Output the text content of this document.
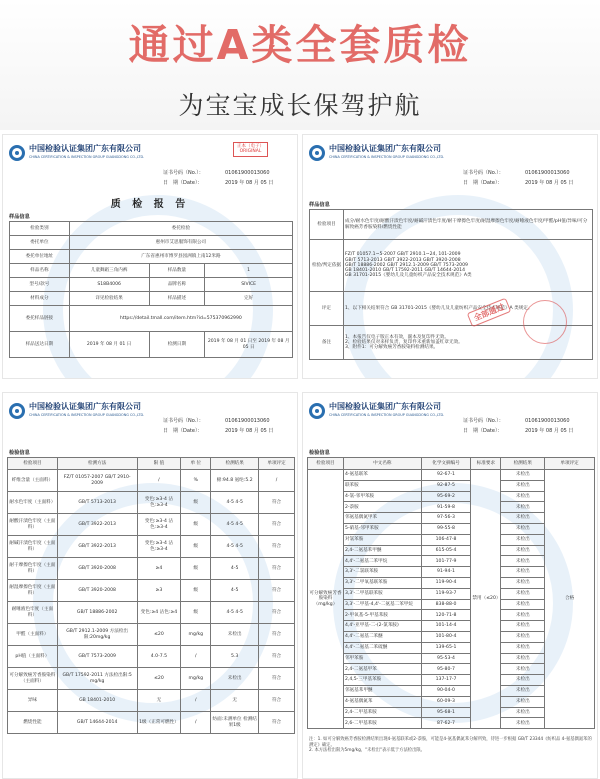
通过A类全套质检
为宝宝成长保驾护航
中国检验认证集团广东有限公司
CHINA CERTIFICATION & INSPECTION GROUP GUANGDONG CO.,LTD.
正本（电子）
ORIGINAL
证书号码（No.）：	01061900013060
日　期（Date）：	2019 年 08 月 05 日
质 检 报 告
样品信息
检验类别	委托检验		
委托单位	惠州市艾思服饰有限公司		
委托单位地址	广东省惠州市博罗县园洲镇上南12米路		
样品名称	儿童舞蹈三角内裤	样品数量	1
型号/款号	S18B4006	品牌名称	SIVICE
材料成分	详见检验结果	样品描述	完好
委托样品链接	https://detail.tmall.com/item.htm?id=575370962990		
样品送达日期	2019 年 08 月 01 日	检测日期	2019 年 08 月 01 日至 2019 年 08 月 05 日
中国检验认证集团广东有限公司
CHINA CERTIFICATION & INSPECTION GROUP GUANGDONG CO.,LTD.
证书号码（No.）：	01061900013060
日　期（Date）：	2019 年 08 月 05 日
样品信息
检验项目	成分/耐水色牢度/耐酸汗渍色牢度/耐碱汗渍色牢度/耐干摩擦色牢度/耐湿摩擦色牢度/耐唾液色牢度/甲醛/pH值/异味/可分解致癌芳香胺染料/燃烧性能
检验/判定依据	FZ/T 01057.1~5-2007 GB/T 2910.1~24, 101-2009
GB/T 5713-2013 GB/T 3922-2013 GB/T 3920-2008
GB/T 18886-2002 GB/T 2912.1-2009 GB/T 7573-2009
GB 18401-2010 GB/T 17592-2011 GB/T 14644-2014
GB 31701-2015《婴幼儿及儿童纺织产品安全技术规范》A类

评定	1、以下相关结果符合 GB 31701-2015《婴幼儿及儿童纺织产品安全技术规范》A 类规定。
备注	1、本报告仅电子版正本有效，副本及复印件无效。
2、检验结果仅对来样负责，复印件未重新加盖红章无效。
3、附件1：可分解致癌芳香胺染料检测结果。
全部通过
中国检验认证集团广东有限公司
CHINA CERTIFICATION & INSPECTION GROUP GUANGDONG CO.,LTD.
证书号码（No.）：	01061900013060
日　期（Date）：	2019 年 08 月 05 日
检验信息
检验项目	检测方法	限 值	单 位	检测结果	单项评定
纤维含量（主面料）	FZ/T 01057-2007 GB/T 2910-2009	/	%	棉:94.8 氨纶:5.2	/
耐水色牢度（主面料）	GB/T 5713-2013	变色:≥3-4 沾色:≥3-4	级	4-5 4-5	符合
耐酸汗渍色牢度（主面料）	GB/T 3922-2013	变色:≥3-4 沾色:≥3-4	级	4-5 4-5	符合
耐碱汗渍色牢度（主面料）	GB/T 3922-2013	变色:≥3-4 沾色:≥3-4	级	4-5 4-5	符合
耐干摩擦色牢度（主面料）	GB/T 3920-2008	≥4	级	4-5	符合
耐湿摩擦色牢度（主面料）	GB/T 3920-2008	≥3	级	4-5	符合
耐唾液色牢度（主面料）	GB/T 18886-2002	变色:≥4 沾色:≥4	级	4-5 4-5	符合
甲醛（主面料）	GB/T 2912.1-2009 方法检出限:20mg/kg	≤20	mg/kg	未检出	符合
pH值（主面料）	GB/T 7573-2009	4.0-7.5	/	5.3	符合
可分解致癌芳香胺染料（主面料）	GB/T 17592-2011 方法检出限:5 mg/kg	≤20	mg/kg	未检出	符合
异味	GB 18401-2010	无	/	无	符合
燃烧性能	GB/T 14644-2014	1级（正常可燃性）	/	纺面:未测单位 检测结果1级	符合
中国检验认证集团广东有限公司
CHINA CERTIFICATION & INSPECTION GROUP GUANGDONG CO.,LTD.
证书号码（No.）：	01061900013060
日　期（Date）：	2019 年 08 月 05 日
检验信息
检验项目	中文名称	化学文摘编号	标准要求	检测结果	单项评定
可分解致癌芳香胺染料（mg/kg）	4-氨基联苯	92-67-1	禁用（≤20）	未检出	合格
	联苯胺	92-87-5		未检出	
	4-氯-邻甲苯胺	95-69-2		未检出	
	2-萘胺	91-59-8		未检出	
	邻氨基偶氮甲苯	97-56-3		未检出	
	5-硝基-邻甲苯胺	99-55-8		未检出	
	对氯苯胺	106-47-8		未检出	
	2,4-二氨基苯甲醚	615-05-4		未检出	
	4,4'-二氨基二苯甲烷	101-77-9		未检出	
	3,3'-二氯联苯胺	91-94-1		未检出	
	3,3'-二甲氧基联苯胺	119-90-4		未检出	
	3,3'-二甲基联苯胺	119-93-7		未检出	
	3,3'-二甲基-4,4'-二氨基二苯甲烷	838-88-0		未检出	
	2-甲氧基-5-甲基苯胺	120-71-8		未检出	
	4,4'-亚甲基-二-(2-氯苯胺)	101-14-4		未检出	
	4,4'-二氨基二苯醚	101-80-4		未检出	
	4,4'-二氨基二苯硫醚	139-65-1		未检出	
	邻甲苯胺	95-53-4		未检出	
	2,4-二氨基甲苯	95-80-7		未检出	
	2,4,5-三甲基苯胺	137-17-7		未检出	
	邻氨基苯甲醚	90-04-0		未检出	
	4-氨基偶氮苯	60-09-3		未检出	
	2,4-二甲基苯胺	95-68-1		未检出	
	2,6-二甲基苯胺	87-62-7		未检出	
注：1. 如可分解致癌芳香胺检测结果出现4-氨基联苯或2-萘胺，可能是4-氨基偶氮苯分解所致，待进一步根据 GB/T 23344《纺织品 4-氨基偶氮苯的测定》确定。
2. 本方法检出限为5mg/kg，"未检出"表示低于方法检出限。
